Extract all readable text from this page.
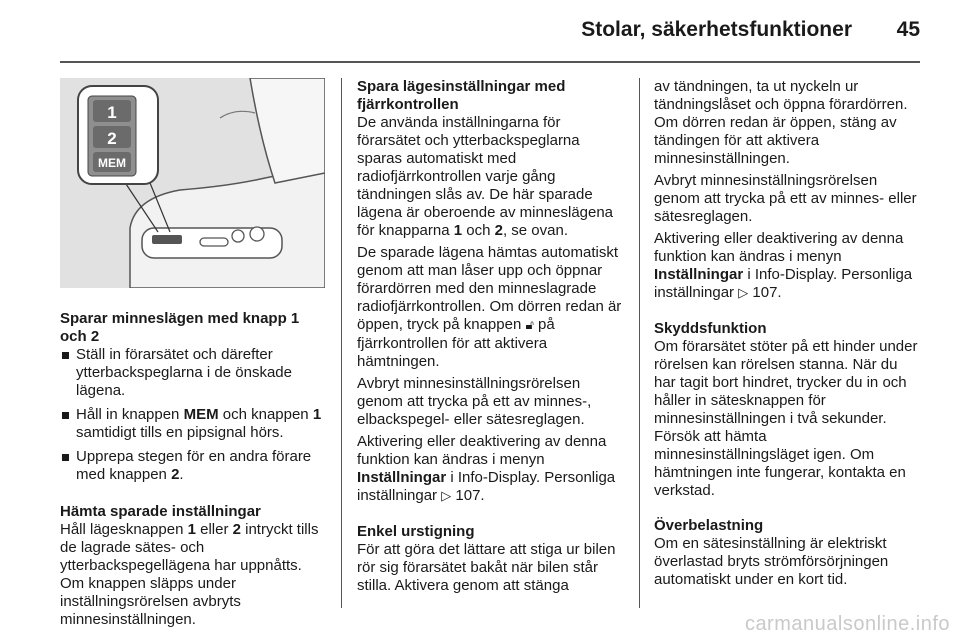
Stolar, säkerhetsfunktioner 45
1
2
MEM

Sparar minneslägen med knapp 1 och 2

Ställ in förarsätet och därefter ytterbackspeglarna i de önskade lägena.
Håll in knappen MEM och knappen 1 samtidigt tills en pipsignal hörs.
Upprepa stegen för en andra förare med knappen 2.

Hämta sparade inställningar

Håll lägesknappen 1 eller 2 intryckt tills de lagrade sätes- och ytterbackspegellägena har uppnåtts. Om knappen släpps under inställningsrörelsen avbryts minnesinställningen.

Spara lägesinställningar med fjärrkontrollen

De använda inställningarna för förarsätet och ytterbackspeglarna sparas automatiskt med radiofjärrkontrollen varje gång tändningen slås av. De här sparade lägena är oberoende av minneslägena för knapparna 1 och 2, se ovan.

De sparade lägena hämtas automatiskt genom att man låser upp och öppnar förardörren med den minneslagrade radiofjärrkontrollen. Om dörren redan är öppen, tryck på knappen 🔓︎ på fjärrkontrollen för att aktivera hämtningen.

Avbryt minnesinställningsrörelsen genom att trycka på ett av minnes-, elbackspegel- eller sätesreglagen.

Aktivering eller deaktivering av denna funktion kan ändras i menyn Inställningar i Info-Display. Personliga inställningar ▷ 107.

Enkel urstigning

För att göra det lättare att stiga ur bilen rör sig förarsätet bakåt när bilen står stilla. Aktivera genom att stänga

av tändningen, ta ut nyckeln ur tändningslåset och öppna förardörren. Om dörren redan är öppen, stäng av tändingen för att aktivera minnesinställningen.

Avbryt minnesinställningsrörelsen genom att trycka på ett av minnes- eller sätesreglagen.

Aktivering eller deaktivering av denna funktion kan ändras i menyn Inställningar i Info-Display. Personliga inställningar ▷ 107.

Skyddsfunktion

Om förarsätet stöter på ett hinder under rörelsen kan rörelsen stanna. När du har tagit bort hindret, trycker du in och håller in sätesknappen för minnesinställningen i två sekunder. Försök att hämta minnesinställningsläget igen. Om hämtningen inte fungerar, kontakta en verkstad.

Överbelastning

Om en sätesinställning är elektriskt överlastad bryts strömförsörjningen automatiskt under en kort tid.

carmanualsonline.info
